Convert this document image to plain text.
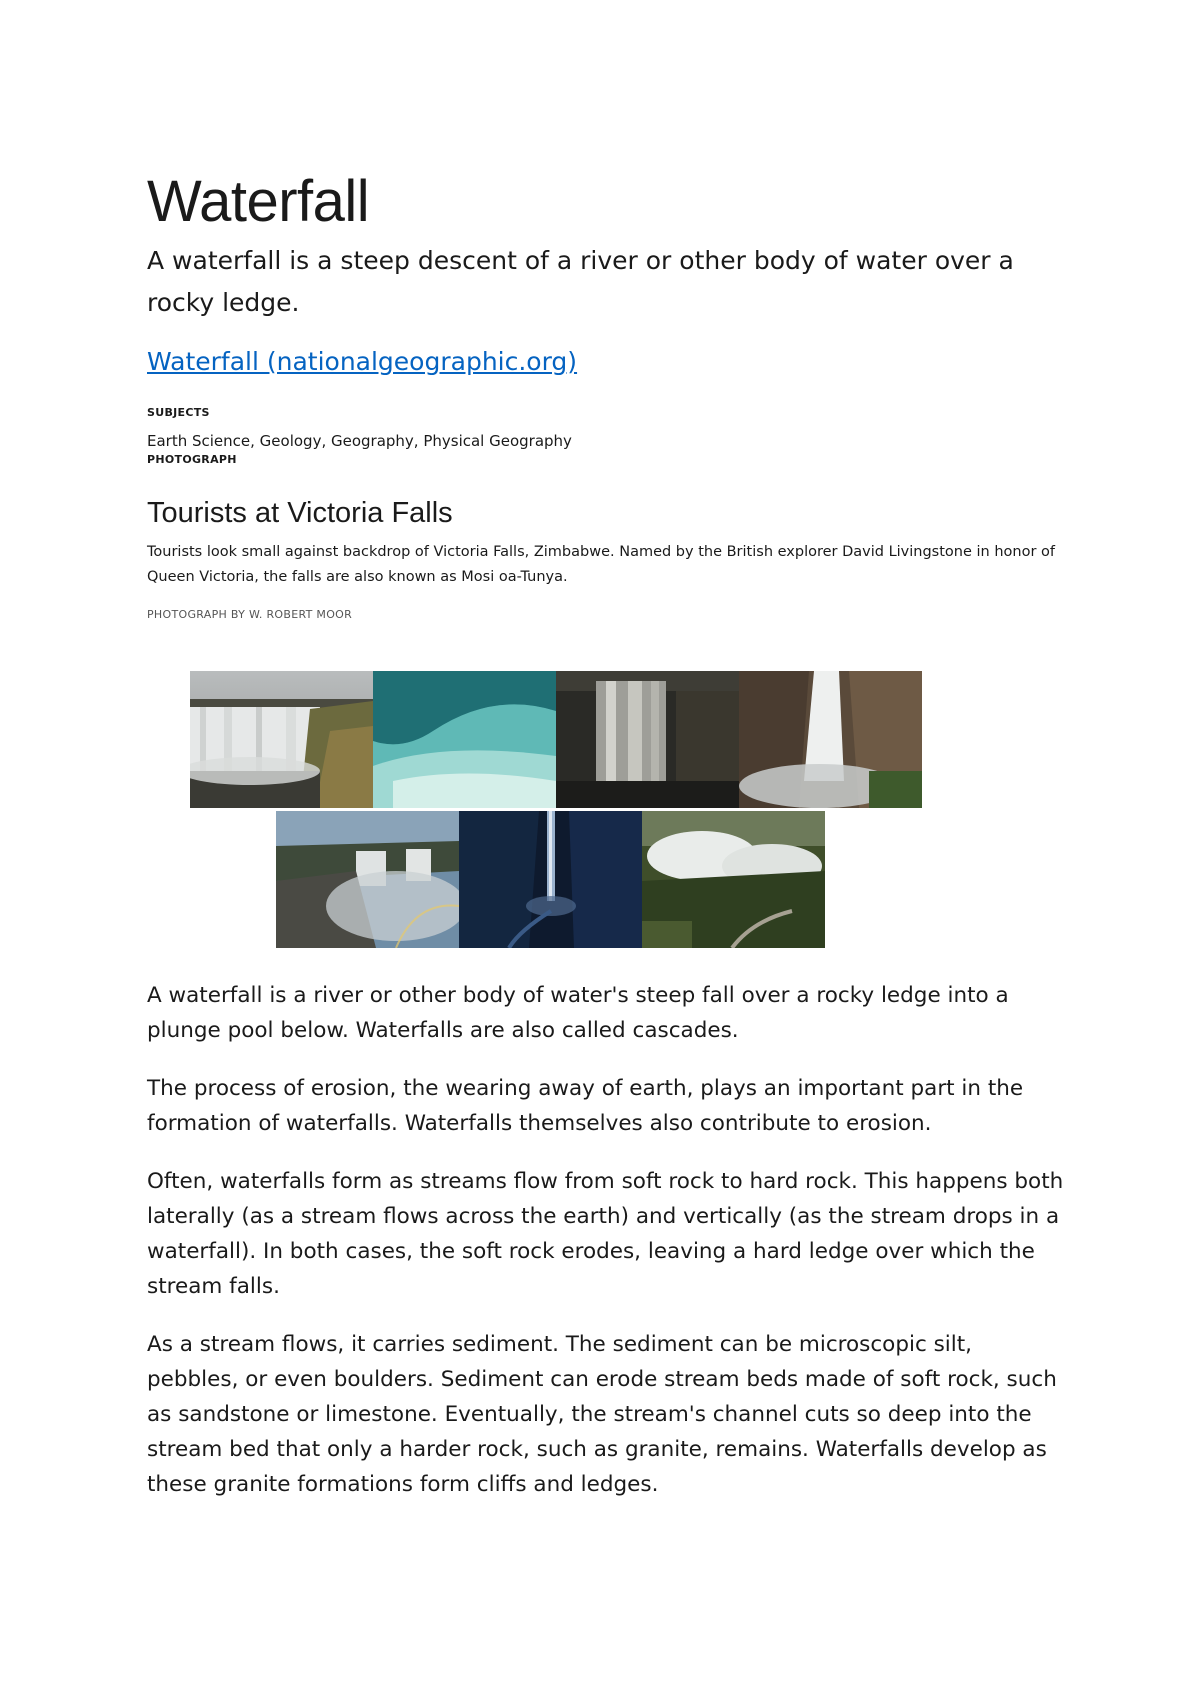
Waterfall

A waterfall is a steep descent of a river or other body of water over a rocky ledge.

Waterfall (nationalgeographic.org)
SUBJECTS
Earth Science, Geology, Geography, Physical Geography
PHOTOGRAPH
Tourists at Victoria Falls
Tourists look small against backdrop of Victoria Falls, Zimbabwe. Named by the British explorer David Livingstone in honor of Queen Victoria, the falls are also known as Mosi oa-Tunya.
PHOTOGRAPH BY W. ROBERT MOOR

A waterfall is a river or other body of water's steep fall over a rocky ledge into a plunge pool below. Waterfalls are also called cascades.

The process of erosion, the wearing away of earth, plays an important part in the formation of waterfalls. Waterfalls themselves also contribute to erosion.

Often, waterfalls form as streams flow from soft rock to hard rock. This happens both laterally (as a stream flows across the earth) and vertically (as the stream drops in a waterfall). In both cases, the soft rock erodes, leaving a hard ledge over which the stream falls.

As a stream flows, it carries sediment. The sediment can be microscopic silt, pebbles, or even boulders. Sediment can erode stream beds made of soft rock, such as sandstone or limestone. Eventually, the stream's channel cuts so deep into the stream bed that only a harder rock, such as granite, remains. Waterfalls develop as these granite formations form cliffs and ledges.
